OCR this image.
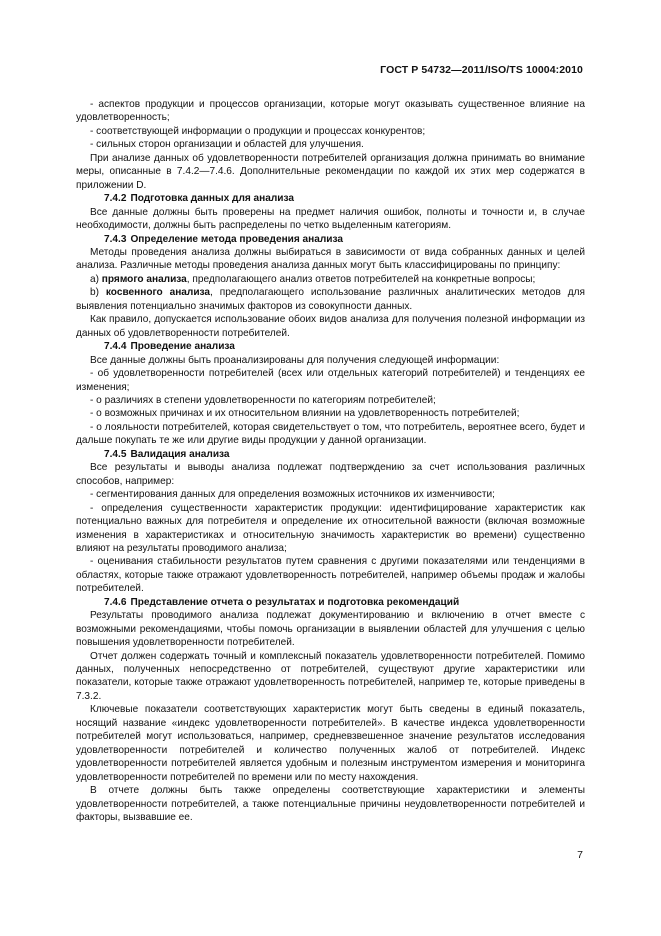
ГОСТ Р 54732—2011/ISO/TS 10004:2010

- аспектов продукции и процессов организации, которые могут оказывать существенное влияние на удовлетворенность;

- соответствующей информации о продукции и процессах конкурентов;

- сильных сторон организации и областей для улучшения.

При анализе данных об удовлетворенности потребителей организация должна принимать во внимание меры, описанные в 7.4.2—7.4.6. Дополнительные рекомендации по каждой их этих мер содержатся в приложении D.

7.4.2 Подготовка данных для анализа

Все данные должны быть проверены на предмет наличия ошибок, полноты и точности и, в случае необходимости, должны быть распределены по четко выделенным категориям.

7.4.3 Определение метода проведения анализа

Методы проведения анализа должны выбираться в зависимости от вида собранных данных и целей анализа. Различные методы проведения анализа данных могут быть классифицированы по принципу:

a) прямого анализа, предполагающего анализ ответов потребителей на конкретные вопросы;

b) косвенного анализа, предполагающего использование различных аналитических методов для выявления потенциально значимых факторов из совокупности данных.

Как правило, допускается использование обоих видов анализа для получения полезной информации из данных об удовлетворенности потребителей.

7.4.4 Проведение анализа

Все данные должны быть проанализированы для получения следующей информации:

- об удовлетворенности потребителей (всех или отдельных категорий потребителей) и тенденциях ее изменения;

- о различиях в степени удовлетворенности по категориям потребителей;

- о возможных причинах и их относительном влиянии на удовлетворенность потребителей;

- о лояльности потребителей, которая свидетельствует о том, что потребитель, вероятнее всего, будет и дальше покупать те же или другие виды продукции у данной организации.

7.4.5 Валидация анализа

Все результаты и выводы анализа подлежат подтверждению за счет использования различных способов, например:

- сегментирования данных для определения возможных источников их изменчивости;

- определения существенности характеристик продукции: идентифицирование характеристик как потенциально важных для потребителя и определение их относительной важности (включая возможные изменения в характеристиках и относительную значимость характеристик во времени) существенно влияют на результаты проводимого анализа;

- оценивания стабильности результатов путем сравнения с другими показателями или тенденциями в областях, которые также отражают удовлетворенность потребителей, например объемы продаж и жалобы потребителей.

7.4.6 Представление отчета о результатах и подготовка рекомендаций

Результаты проводимого анализа подлежат документированию и включению в отчет вместе с возможными рекомендациями, чтобы помочь организации в выявлении областей для улучшения с целью повышения удовлетворенности потребителей.

Отчет должен содержать точный и комплексный показатель удовлетворенности потребителей. Помимо данных, полученных непосредственно от потребителей, существуют другие характеристики или показатели, которые также отражают удовлетворенность потребителей, например те, которые приведены в 7.3.2.

Ключевые показатели соответствующих характеристик могут быть сведены в единый показатель, носящий название «индекс удовлетворенности потребителей». В качестве индекса удовлетворенности потребителей могут использоваться, например, средневзвешенное значение результатов исследования удовлетворенности потребителей и количество полученных жалоб от потребителей. Индекс удовлетворенности потребителей является удобным и полезным инструментом измерения и мониторинга удовлетворенности потребителей по времени или по месту нахождения.

В отчете должны быть также определены соответствующие характеристики и элементы удовлетворенности потребителей, а также потенциальные причины неудовлетворенности потребителей и факторы, вызвавшие ее.

7
